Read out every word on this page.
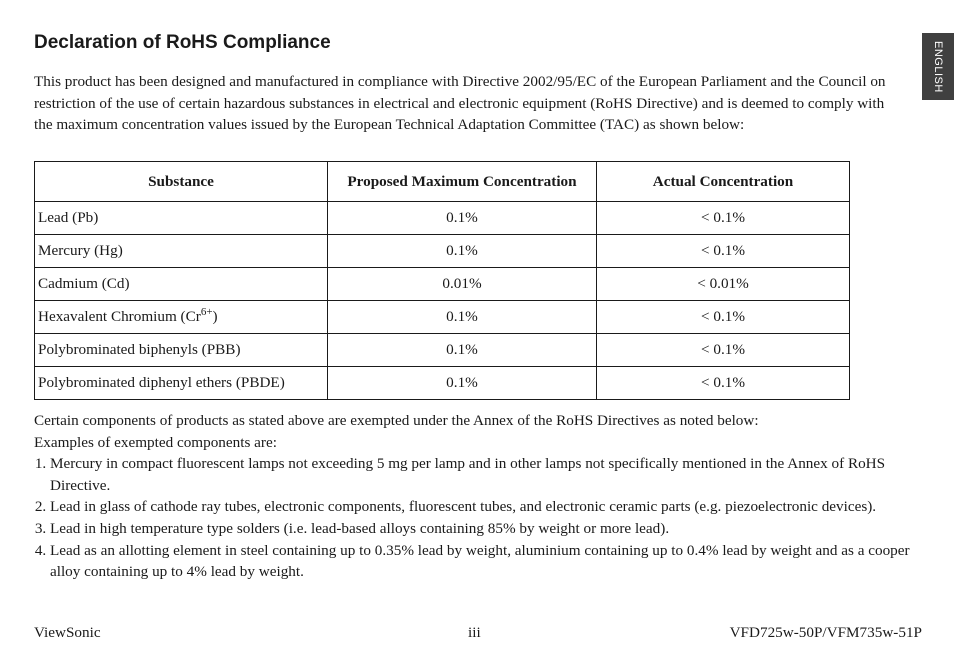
ENGLISH
Declaration of RoHS Compliance

This product has been designed and manufactured in compliance with Directive 2002/95/EC of the European Parliament and the Council on restriction of the use of certain hazardous substances in electrical and electronic equipment (RoHS Directive) and is deemed to comply with the maximum concentration values issued by the European Technical Adaptation Committee (TAC) as shown below:

Substance	Proposed Maximum Concentration	Actual Concentration
Lead (Pb)	0.1%	< 0.1%
Mercury (Hg)	0.1%	< 0.1%
Cadmium (Cd)	0.01%	< 0.01%
Hexavalent Chromium $(Cr^{6+})$	0.1%	< 0.1%
Polybrominated biphenyls (PBB)	0.1%	< 0.1%
Polybrominated diphenyl ethers (PBDE)	0.1%	< 0.1%

Certain components of products as stated above are exempted under the Annex of the RoHS Directives as noted below:

Examples of exempted components are:

1. Mercury in compact fluorescent lamps not exceeding 5 mg per lamp and in other lamps not specifically mentioned in the Annex of RoHS Directive.
2. Lead in glass of cathode ray tubes, electronic components, fluorescent tubes, and electronic ceramic parts (e.g. piezoelectronic devices).
3. Lead in high temperature type solders (i.e. lead-based alloys containing 85% by weight or more lead).
4. Lead as an allotting element in steel containing up to 0.35% lead by weight, aluminium containing up to 0.4% lead by weight and as a cooper alloy containing up to 4% lead by weight.
ViewSonic	iii	VFD725w-50P/VFM735w-51P
